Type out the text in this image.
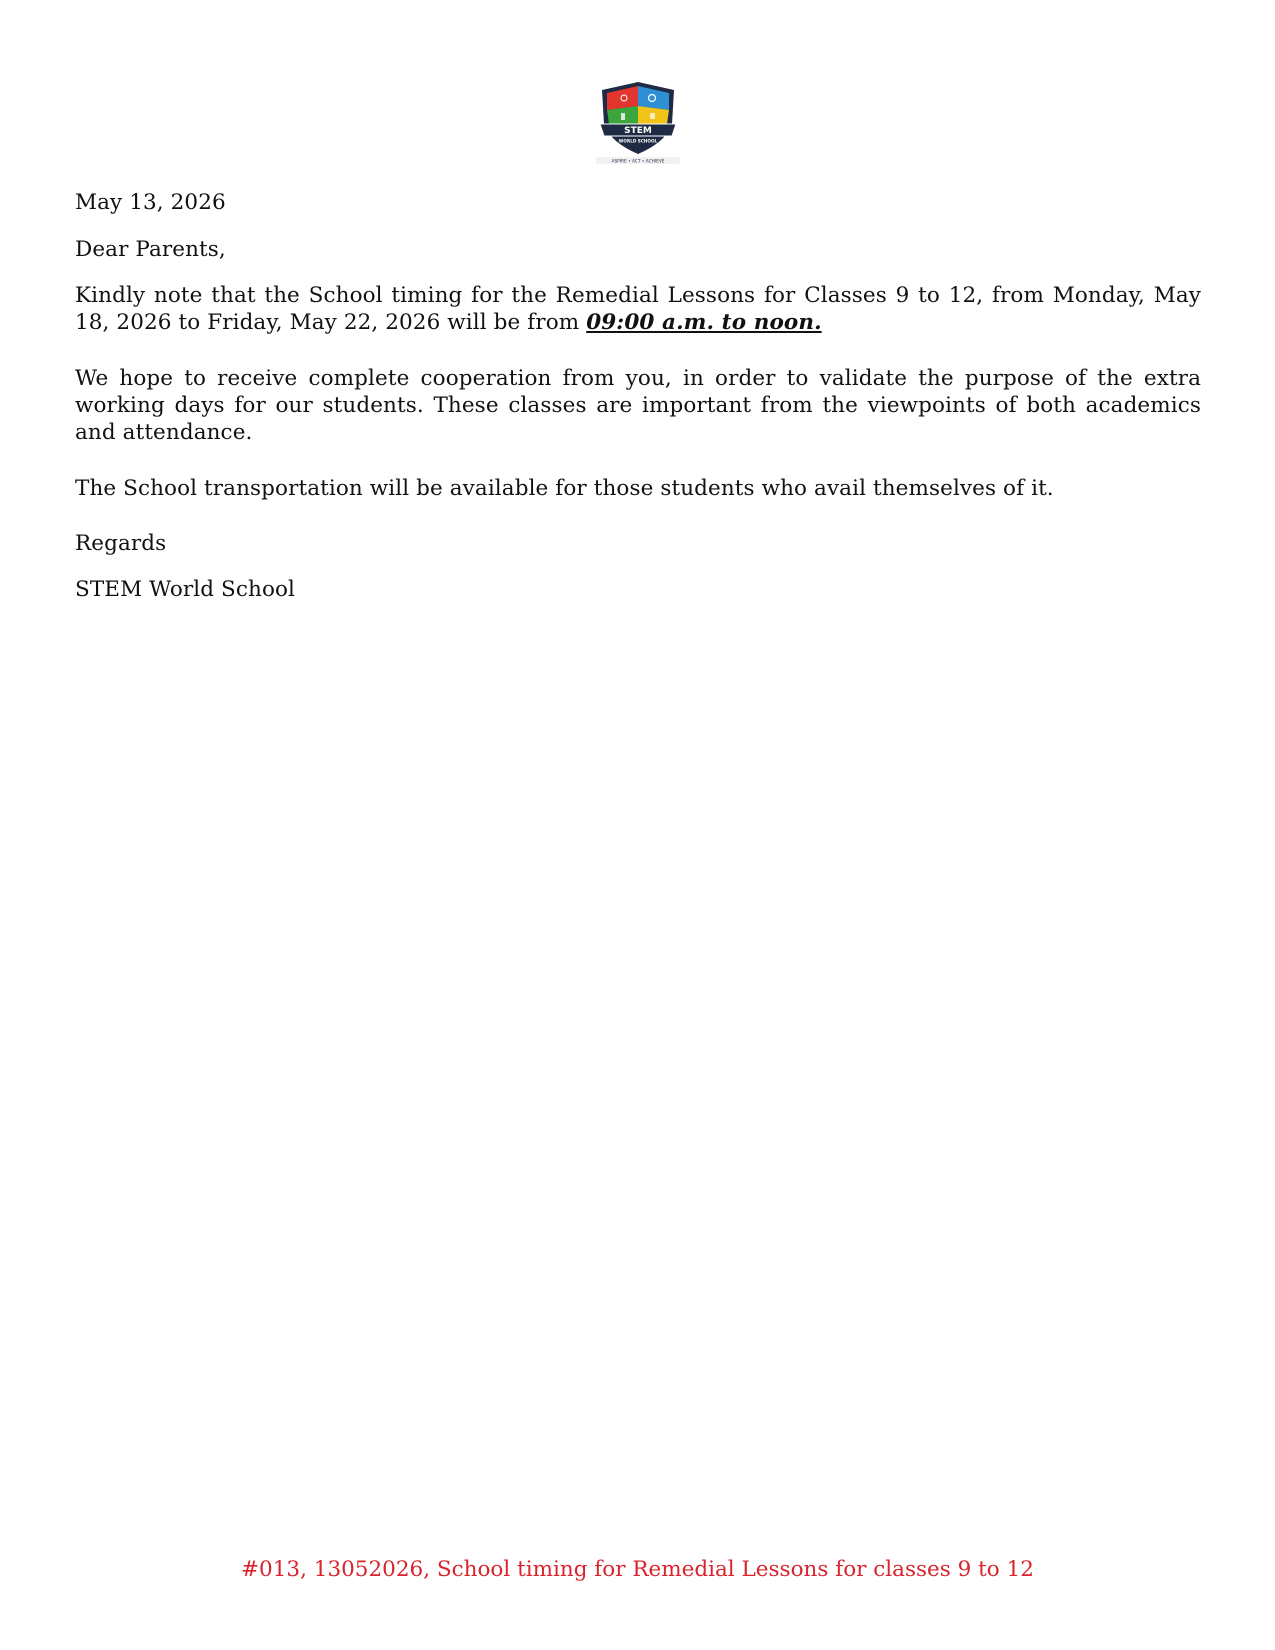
STEM
WORLD SCHOOL
ASPIRE • ACT • ACHIEVE
May 13, 2026
Dear Parents,
Kindly note that the School timing for the Remedial Lessons for Classes 9 to 12, from Monday, May 18, 2026 to Friday, May 22, 2026 will be from 09:00 a.m. to noon.
We hope to receive complete cooperation from you, in order to validate the purpose of the extra working days for our students. These classes are important from the viewpoints of both academics and attendance.
The School transportation will be available for those students who avail themselves of it.
Regards
STEM World School
#013, 13052026, School timing for Remedial Lessons for classes 9 to 12
